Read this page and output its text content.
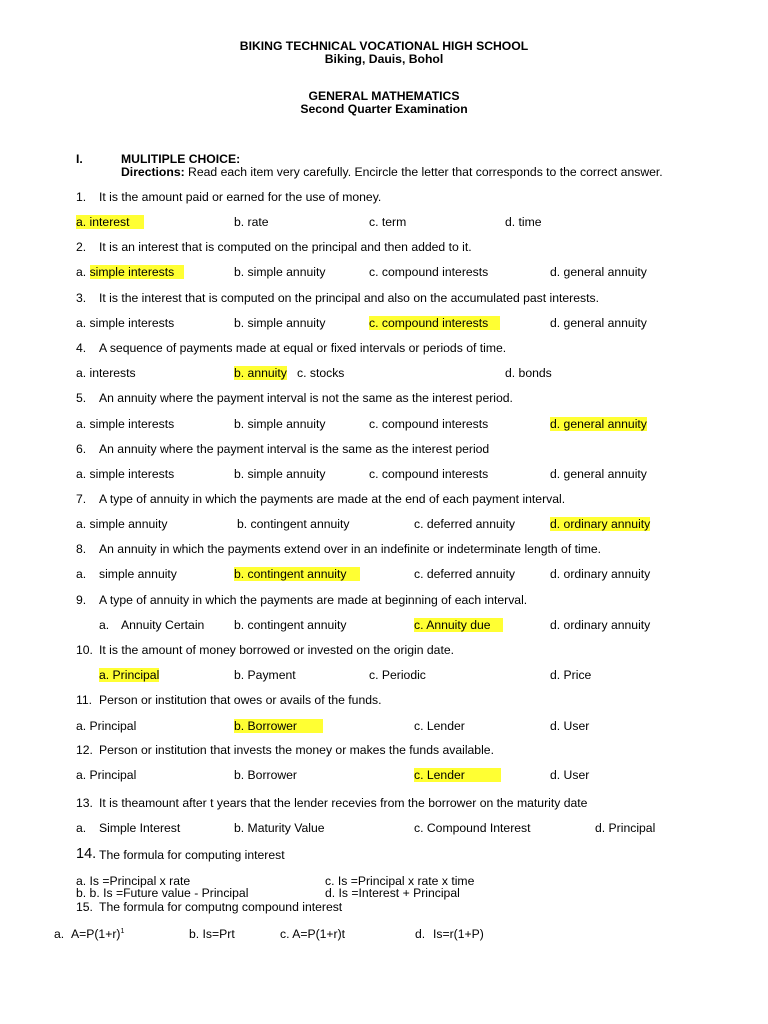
BIKING TECHNICAL VOCATIONAL HIGH SCHOOL
Biking, Dauis, Bohol
GENERAL MATHEMATICS
Second Quarter Examination
I.	MULITIPLE CHOICE:
Directions: Read each item very carefully. Encircle the letter that corresponds to the correct answer.
1. It is the amount paid or earned for the use of money.
a. interest	b. rate	c. term	d. time
2. It is an interest that is computed on the principal and then added to it.
a. simple interests	b. simple annuity	c. compound interests	d. general annuity
3. It is the interest that is computed on the principal and also on the accumulated past interests.
a. simple interests	b. simple annuity	c. compound interests	d. general annuity
4. A sequence of payments made at equal or fixed intervals or periods of time.
a. interests	b. annuity c. stocks	d. bonds
5. An annuity where the payment interval is not the same as the interest period.
a. simple interests	b. simple annuity	c. compound interests	d. general annuity
6. An annuity where the payment interval is the same as the interest period
a. simple interests	b. simple annuity	c. compound interests	d. general annuity
7. A type of annuity in which the payments are made at the end of each payment interval.
a. simple annuity	b. contingent annuity	c. deferred annuity	d. ordinary annuity
8. An annuity in which the payments extend over in an indefinite or indeterminate length of time.
a. simple annuity	b. contingent annuity	c. deferred annuity	d. ordinary annuity
9. A type of annuity in which the payments are made at beginning of each interval.
a. Annuity Certain b. contingent annuity	c. Annuity due	d. ordinary annuity
10. It is the amount of money borrowed or invested on the origin date.
a. Principal	b. Payment	c. Periodic	d. Price
11. Person or institution that owes or avails of the funds.
a. Principal	b. Borrower	c. Lender	d. User
12. Person or institution that invests the money or makes the funds available.
a. Principal	b. Borrower	c. Lender	d. User
13. It is theamount after t years that the lender recevies from the borrower on the maturity date
a. Simple Interest	b. Maturity Value	c. Compound Interest	d. Principal
14. The formula for computing interest
a. Is =Principal x rate	c. Is =Principal x rate x time
b. b. Is =Future value - Principal	d. Is =Interest + Principal
15. The formula for computng compound interest
a. $A=P(1+r)^1$	b. Is=Prt	c. A=P(1+r)t	d. Is=r(1+P)
